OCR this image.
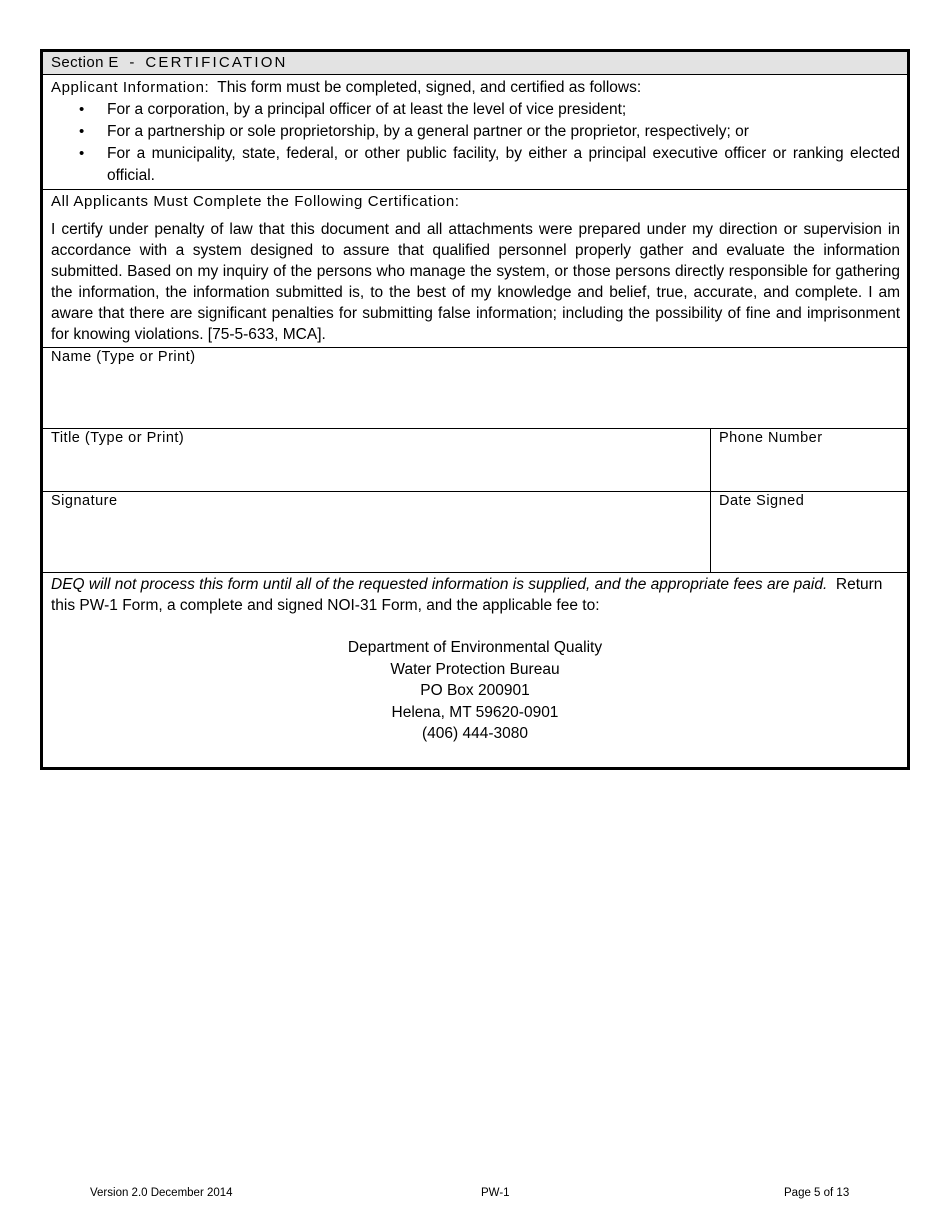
Section E - CERTIFICATION
Applicant Information: This form must be completed, signed, and certified as follows:
• For a corporation, by a principal officer of at least the level of vice president;
• For a partnership or sole proprietorship, by a general partner or the proprietor, respectively; or
• For a municipality, state, federal, or other public facility, by either a principal executive officer or ranking elected official.
All Applicants Must Complete the Following Certification:
I certify under penalty of law that this document and all attachments were prepared under my direction or supervision in accordance with a system designed to assure that qualified personnel properly gather and evaluate the information submitted. Based on my inquiry of the persons who manage the system, or those persons directly responsible for gathering the information, the information submitted is, to the best of my knowledge and belief, true, accurate, and complete. I am aware that there are significant penalties for submitting false information; including the possibility of fine and imprisonment for knowing violations. [75-5-633, MCA].
Name (Type or Print)
Title (Type or Print)	Phone Number
Signature	Date Signed
DEQ will not process this form until all of the requested information is supplied, and the appropriate fees are paid. Return this PW-1 Form, a complete and signed NOI-31 Form, and the applicable fee to:
Department of Environmental Quality
Water Protection Bureau
PO Box 200901
Helena, MT 59620-0901
(406) 444-3080
Version 2.0 December 2014	PW-1	Page 5 of 13
